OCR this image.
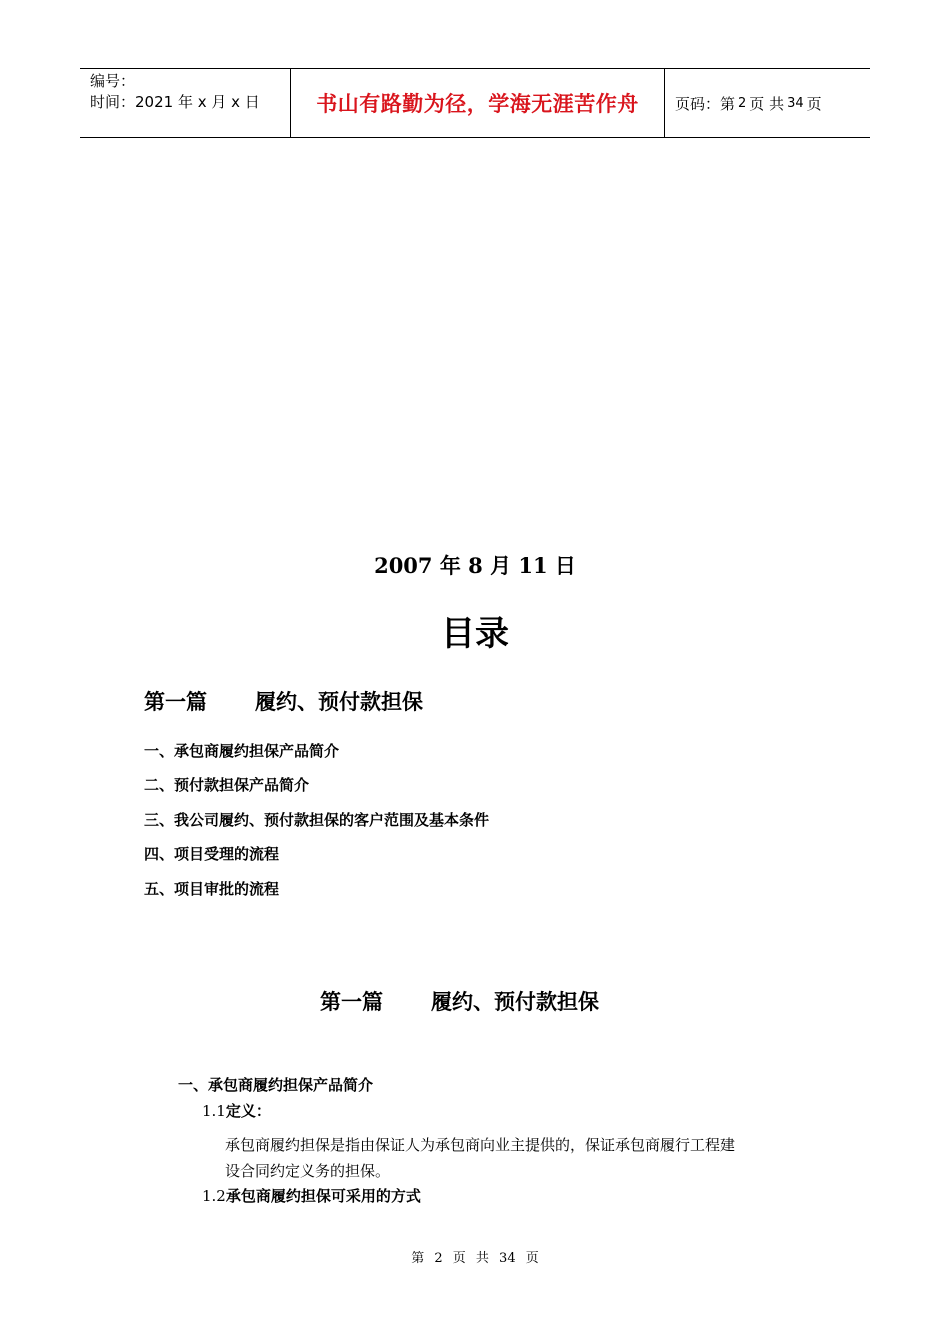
编号：
时间：2021 年 x 月 x 日	书山有路勤为径，学海无涯苦作舟	页码：第 2 页 共 34 页
2007 年 8 月 11 日
目录
第一篇 履约、预付款担保
一、承包商履约担保产品简介
二、预付款担保产品简介
三、我公司履约、预付款担保的客户范围及基本条件
四、项目受理的流程
五、项目审批的流程
第一篇 履约、预付款担保
一、承包商履约担保产品简介
1.1定义：
承包商履约担保是指由保证人为承包商向业主提供的，保证承包商履行工程建
设合同约定义务的担保。
1.2承包商履约担保可采用的方式
第 2 页 共 34 页
